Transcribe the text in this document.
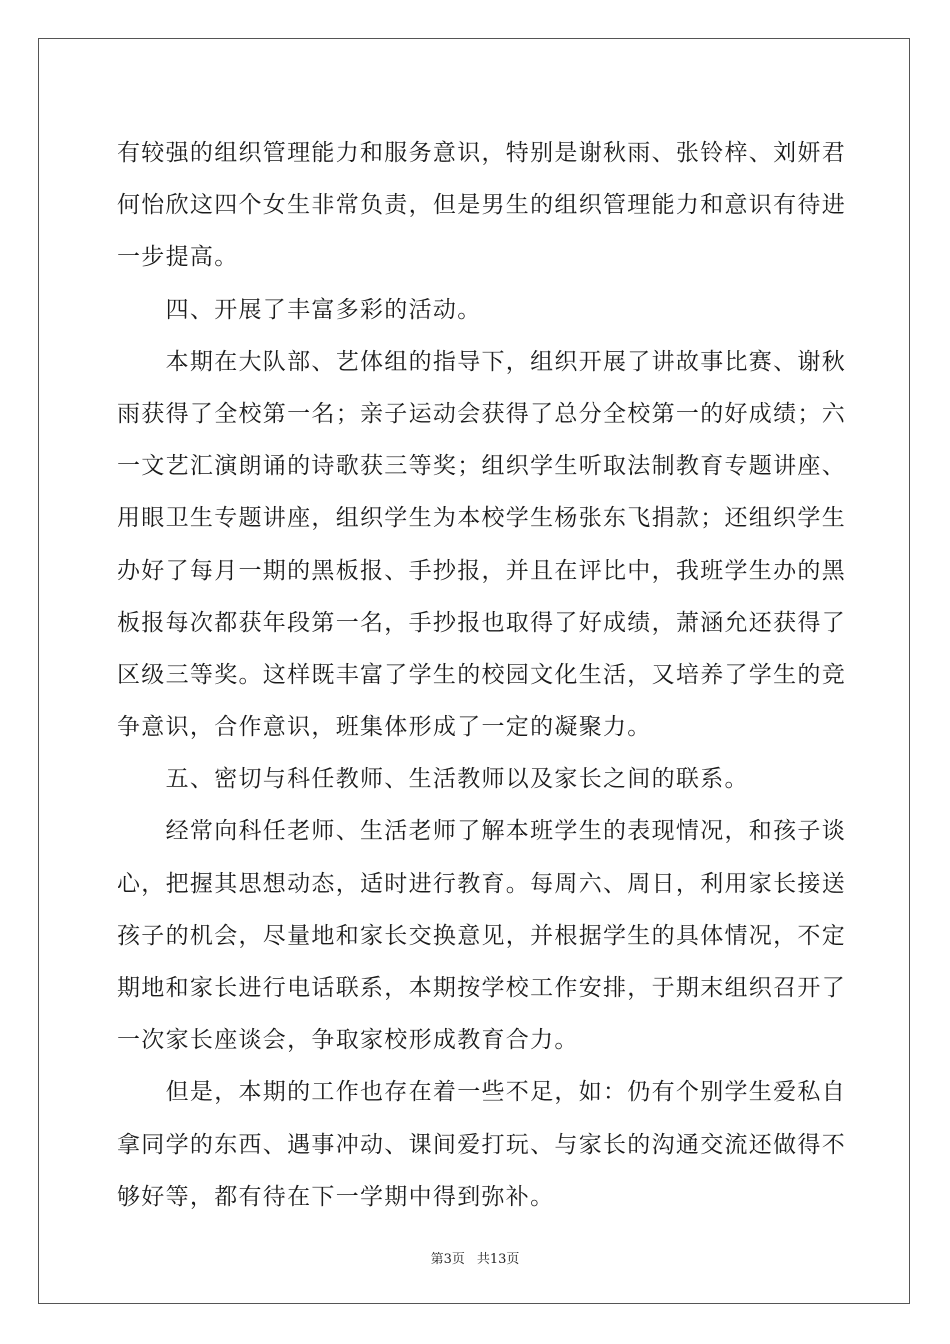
有较强的组织管理能力和服务意识，特别是谢秋雨、张铃梓、刘妍君
何怡欣这四个女生非常负责，但是男生的组织管理能力和意识有待进
一步提高。
　　四、开展了丰富多彩的活动。
　　本期在大队部、艺体组的指导下，组织开展了讲故事比赛、谢秋
雨获得了全校第一名；亲子运动会获得了总分全校第一的好成绩；六
一文艺汇演朗诵的诗歌获三等奖；组织学生听取法制教育专题讲座、
用眼卫生专题讲座，组织学生为本校学生杨张东飞捐款；还组织学生
办好了每月一期的黑板报、手抄报，并且在评比中，我班学生办的黑
板报每次都获年段第一名，手抄报也取得了好成绩，萧涵允还获得了
区级三等奖。这样既丰富了学生的校园文化生活，又培养了学生的竞
争意识，合作意识，班集体形成了一定的凝聚力。
　　五、密切与科任教师、生活教师以及家长之间的联系。
　　经常向科任老师、生活老师了解本班学生的表现情况，和孩子谈
心，把握其思想动态，适时进行教育。每周六、周日，利用家长接送
孩子的机会，尽量地和家长交换意见，并根据学生的具体情况，不定
期地和家长进行电话联系，本期按学校工作安排，于期末组织召开了
一次家长座谈会，争取家校形成教育合力。
　　但是，本期的工作也存在着一些不足，如：仍有个别学生爱私自
拿同学的东西、遇事冲动、课间爱打玩、与家长的沟通交流还做得不
够好等，都有待在下一学期中得到弥补。
第3页 共13页
